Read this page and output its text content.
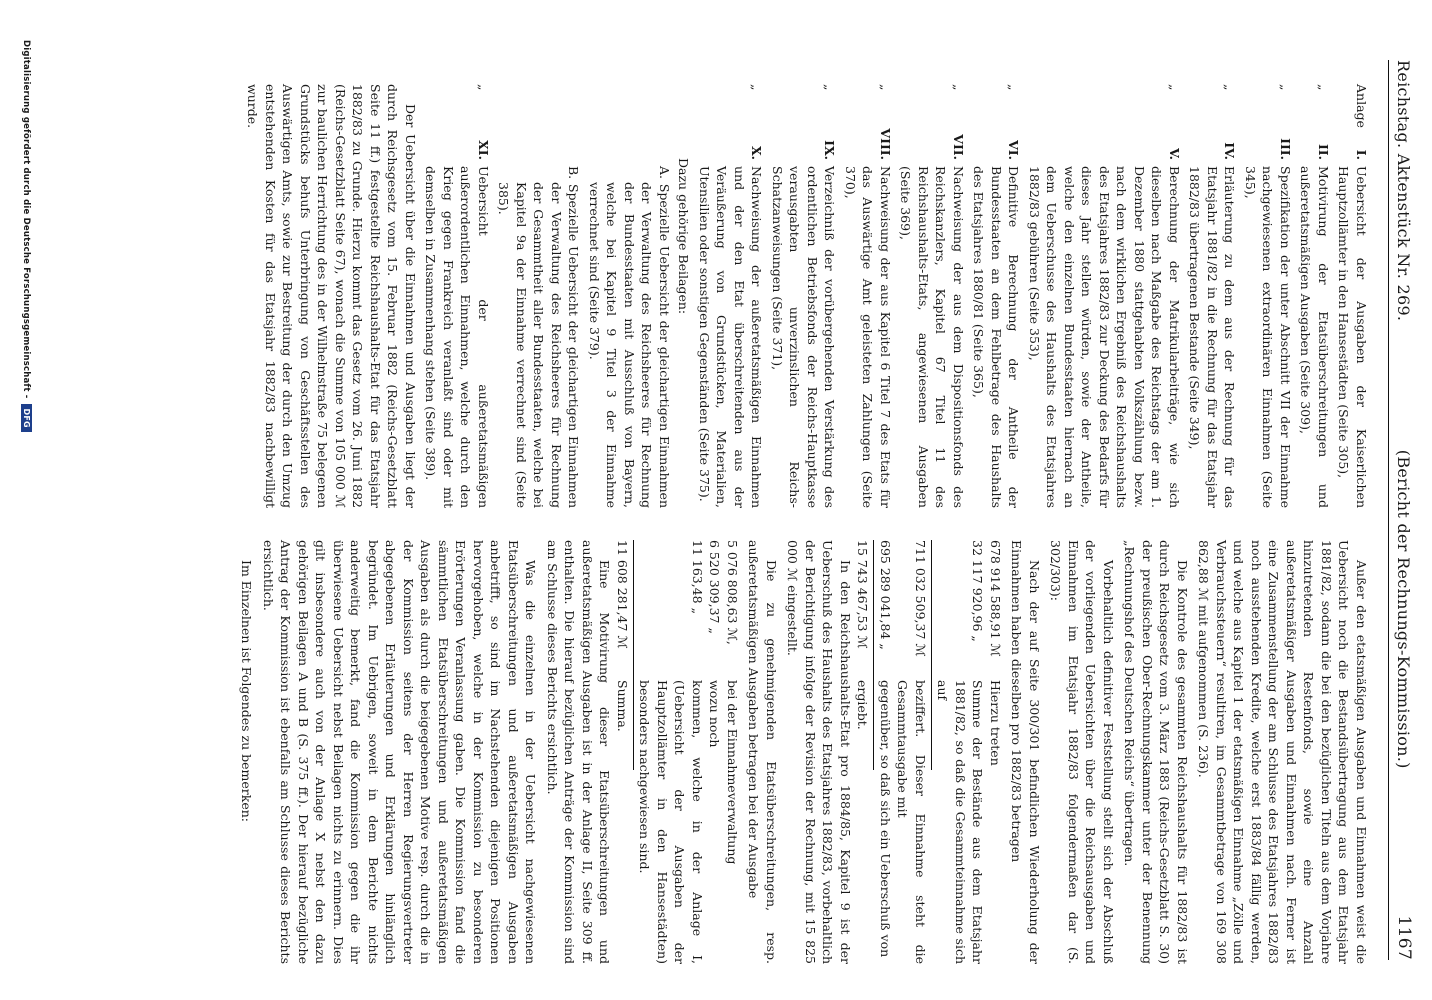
Reichstag. Aktenstück Nr. 269.
(Bericht der Rechnungs-Kommission.)
1167
Anlage
I.
Uebersicht der Ausgaben der Kaiserlichen Hauptzollämter in den Hansestädten (Seite 305),
„
II.
Motivirung der Etatsüberschreitungen und außeretatsmäßigen Ausgaben (Seite 309),
„
III.
Spezifikation der unter Abschnitt VII der Einnahme nachgewiesenen extraordinären Einnahmen (Seite 345),
„
IV.
Erläuterung zu dem aus der Rechnung für das Etatsjahr 1881/82 in die Rechnung für das Etatsjahr 1882/83 übertragenen Bestande (Seite 349),
„
V.
Berechnung der Matrikularbeiträge, wie sich dieselben nach Maßgabe des Reichstags der am 1. Dezember 1880 stattgehabten Volkszählung bezw. nach dem wirklichen Ergebniß des Reichshaushalts des Etatsjahres 1882/83 zur Deckung des Bedarfs für dieses Jahr stellen würden, sowie der Antheile, welche den einzelnen Bundesstaaten hiernach an dem Ueberschusse des Haushalts des Etatsjahres 1882/83 gebühren (Seite 353),
„
VI.
Definitive Berechnung der Antheile der Bundesstaaten an dem Fehlbetrage des Haushalts des Etatsjahres 1880/81 (Seite 365),
„
VII.
Nachweisung der aus dem Dispositionsfonds des Reichskanzlers, Kapitel 67 Titel 11 des Reichshaushalts-Etats, angewiesenen Ausgaben (Seite 369),
„
VIII.
Nachweisung der aus Kapitel 6 Titel 7 des Etats für das Auswärtige Amt geleisteten Zahlungen (Seite 370),
„
IX.
Verzeichniß der vorübergehenden Verstärkung des ordentlichen Betriebsfonds der Reichs-Hauptkasse verausgabten unverzinslichen Reichs-Schatzanweisungen (Seite 371),
„
X.
Nachweisung der außeretatsmäßigen Einnahmen und der den Etat überschreitenden aus der Veräußerung von Grundstücken, Materialien, Utensilien oder sonstigen Gegenständen (Seite 375).
Dazu gehörige Beilagen:
A. Spezielle Uebersicht der gleichartigen Einnahmen der Verwaltung des Reichsheeres für Rechnung der Bundesstaaten mit Ausschluß von Bayern, welche bei Kapitel 9 Titel 3 der Einnahme verrechnet sind (Seite 379).
B. Spezielle Uebersicht der gleichartigen Einnahmen der Verwaltung des Reichsheeres für Rechnung der Gesammtheit aller Bundesstaaten, welche bei Kapitel 9a der Einnahme verrechnet sind (Seite 385).
„
XI.
Uebersicht der außeretatsmäßigen außerordentlichen Einnahmen, welche durch den Krieg gegen Frankreich veranlaßt sind oder mit demselben in Zusammenhang stehen (Seite 389).

Der Uebersicht über die Einnahmen und Ausgaben liegt der durch Reichsgesetz vom 15. Februar 1882 (Reichs-Gesetzblatt Seite 11 ff.) festgestellte Reichshaushalts-Etat für das Etatsjahr 1882/83 zu Grunde. Hierzu kommt das Gesetz vom 26. Juni 1882 (Reichs-Gesetzblatt Seite 67), wonach die Summe von 105 000 ℳ zur baulichen Herrichtung des in der Wilhelmstraße 75 belegenen Grundstücks behufs Unterbringung von Geschäftsstellen des Auswärtigen Amts, sowie zur Bestreitung der durch den Umzug entstehenden Kosten für das Etatsjahr 1882/83 nachbewilligt wurde.

Außer den etatsmäßigen Ausgaben und Einnahmen weist die Uebersicht noch die Bestandsübertragung aus dem Etatsjahr 1881/82, sodann die bei den bezüglichen Titeln aus dem Vorjahre hinzutretenden Restenfonds, sowie eine Anzahl außeretatsmäßiger Ausgaben und Einnahmen nach. Ferner ist eine Zusammenstellung der am Schlusse des Etatsjahres 1882/83 noch ausstehenden Kredite, welche erst 1883/84 fällig werden, und welche aus Kapitel 1 der etatsmäßigen Einnahme „Zölle und Verbrauchssteuern“ resultiren, im Gesammtbetrage von 169 308 862,88 ℳ mit aufgenommen (S. 236).

Die Kontrole des gesammten Reichshaushalts für 1882/83 ist durch Reichsgesetz vom 3. März 1883 (Reichs-Gesetzblatt S. 30) der preußischen Ober-Rechnungskammer unter der Benennung „Rechnungshof des Deutschen Reichs“ übertragen.

Vorbehaltlich definitiver Feststellung stellt sich der Abschluß der vorliegenden Uebersichten über die Reichsausgaben und Einnahmen im Etatsjahr 1882/83 folgendermaßen dar (S. 302/303):

Nach der auf Seite 300/301 befindlichen Wiederholung der Einnahmen haben dieselben pro 1882/83 betragen

678 914 588,91 ℳ
Hierzu treten
32 117 920,96 „
Summe der Bestände aus dem Etatsjahr 1881/82, so daß die Gesammteinnahme sich auf
711 032 509,37 ℳ
beziffert. Dieser Einnahme steht die Gesammtausgabe mit
695 289 041,84 „
gegenüber, so daß sich ein Ueberschuß von
15 743 467,53 ℳ
ergiebt.

In den Reichshaushalts-Etat pro 1884/85, Kapitel 9 ist der Ueberschuß des Haushalts des Etatsjahres 1882/83, vorbehaltlich der Berichtigung infolge der Revision der Rechnung, mit 15 825 000 ℳ eingestellt.

Die zu genehmigenden Etatsüberschreitungen, resp. außeretatsmäßigen Ausgaben betragen bei der Ausgabe

5 076 808,63 ℳ,
bei der Einnahmeverwaltung
6 520 309,37 „
wozu noch
11 163,48 „
kommen, welche in der Anlage I, (Uebersicht der Ausgaben der Hauptzollämter in den Hansestädten) besonders nachgewiesen sind.
11 608 281,47 ℳ
Summa.

Eine Motivirung dieser Etatsüberschreitungen und außeretatsmäßigen Ausgaben ist in der Anlage II, Seite 309 ff. enthalten. Die hierauf bezüglichen Anträge der Kommission sind am Schlusse dieses Berichts ersichtlich.

Was die einzelnen in der Uebersicht nachgewiesenen Etatsüberschreitungen und außeretatsmäßigen Ausgaben anbetrifft, so sind im Nachstehenden diejenigen Positionen hervorgehoben, welche in der Kommission zu besonderen Erörterungen Veranlassung gaben. Die Kommission fand die sämmtlichen Etatsüberschreitungen und außeretatsmäßigen Ausgaben als durch die beigegebenen Motive resp. durch die in der Kommission seitens der Herren Regierungsvertreter abgegebenen Erläuterungen und Erklärungen hinlänglich begründet. Im Uebrigen, soweit in dem Berichte nichts anderweitig bemerkt, fand die Kommission gegen die ihr überwiesene Uebersicht nebst Beilagen nichts zu erinnern. Dies gilt insbesondere auch von der Anlage X nebst den dazu gehörigen Beilagen A und B (S. 375 ff.). Der hierauf bezügliche Antrag der Kommission ist ebenfalls am Schlusse dieses Berichts ersichtlich.

Im Einzelnen ist Folgendes zu bemerken:

Digitalisierung gefördert durch die Deutsche Forschungsgemeinschaft -DFG
